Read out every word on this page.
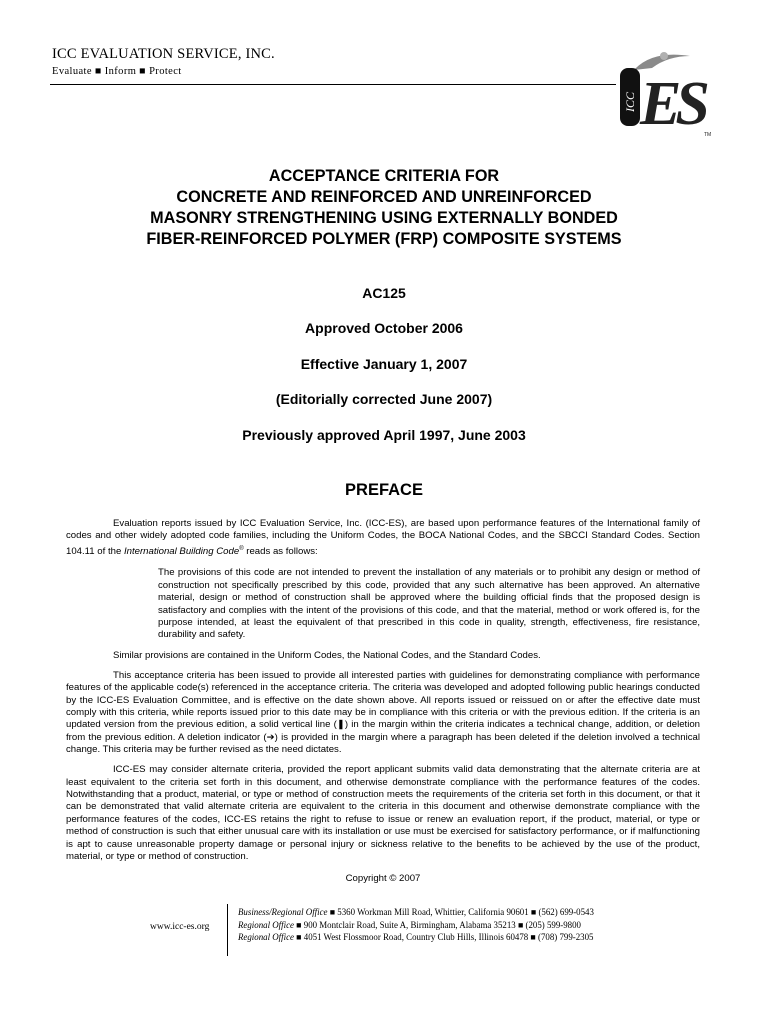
ICC EVALUATION SERVICE, INC.
Evaluate ■ Inform ■ Protect
ICC ES TM
ACCEPTANCE CRITERIA FOR
CONCRETE AND REINFORCED AND UNREINFORCED
MASONRY STRENGTHENING USING EXTERNALLY BONDED
FIBER-REINFORCED POLYMER (FRP) COMPOSITE SYSTEMS
AC125
Approved October 2006
Effective January 1, 2007
(Editorially corrected June 2007)
Previously approved April 1997, June 2003
PREFACE

Evaluation reports issued by ICC Evaluation Service, Inc. (ICC-ES), are based upon performance features of the International family of codes and other widely adopted code families, including the Uniform Codes, the BOCA National Codes, and the SBCCI Standard Codes. Section 104.11 of the International Building Code® reads as follows:

The provisions of this code are not intended to prevent the installation of any materials or to prohibit any design or method of construction not specifically prescribed by this code, provided that any such alternative has been approved. An alternative material, design or method of construction shall be approved where the building official finds that the proposed design is satisfactory and complies with the intent of the provisions of this code, and that the material, method or work offered is, for the purpose intended, at least the equivalent of that prescribed in this code in quality, strength, effectiveness, fire resistance, durability and safety.

Similar provisions are contained in the Uniform Codes, the National Codes, and the Standard Codes.

This acceptance criteria has been issued to provide all interested parties with guidelines for demonstrating compliance with performance features of the applicable code(s) referenced in the acceptance criteria. The criteria was developed and adopted following public hearings conducted by the ICC-ES Evaluation Committee, and is effective on the date shown above. All reports issued or reissued on or after the effective date must comply with this criteria, while reports issued prior to this date may be in compliance with this criteria or with the previous edition. If the criteria is an updated version from the previous edition, a solid vertical line (❚) in the margin within the criteria indicates a technical change, addition, or deletion from the previous edition. A deletion indicator (➔) is provided in the margin where a paragraph has been deleted if the deletion involved a technical change. This criteria may be further revised as the need dictates.

ICC-ES may consider alternate criteria, provided the report applicant submits valid data demonstrating that the alternate criteria are at least equivalent to the criteria set forth in this document, and otherwise demonstrate compliance with the performance features of the codes. Notwithstanding that a product, material, or type or method of construction meets the requirements of the criteria set forth in this document, or that it can be demonstrated that valid alternate criteria are equivalent to the criteria in this document and otherwise demonstrate compliance with the performance features of the codes, ICC-ES retains the right to refuse to issue or renew an evaluation report, if the product, material, or type or method of construction is such that either unusual care with its installation or use must be exercised for satisfactory performance, or if malfunctioning is apt to cause unreasonable property damage or personal injury or sickness relative to the benefits to be achieved by the use of the product, material, or type or method of construction.

Copyright © 2007

www.icc-es.org
Business/Regional Office ■ 5360 Workman Mill Road, Whittier, California 90601 ■ (562) 699-0543
Regional Office ■ 900 Montclair Road, Suite A, Birmingham, Alabama 35213 ■ (205) 599-9800
Regional Office ■ 4051 West Flossmoor Road, Country Club Hills, Illinois 60478 ■ (708) 799-2305
